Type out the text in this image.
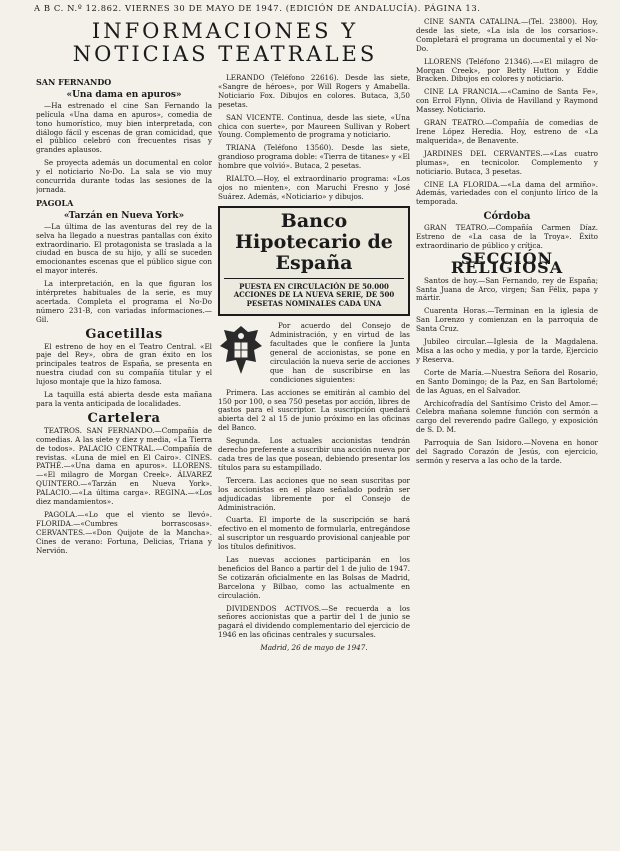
A B C. N.º 12.862. VIERNES 30 DE MAYO DE 1947. (EDICIÓN DE ANDALUCÍA). PÁGINA 13.
INFORMACIONES Y NOTICIAS TEATRALES
SAN FERNANDO
«Una dama en apuros»

—Ha estrenado el cine San Fernando la película «Una dama en apuros», comedia de tono humorístico, muy bien interpretada, con diálogo fácil y escenas de gran comicidad, que el público celebró con frecuentes risas y grandes aplausos.

Se proyecta además un documental en color y el noticiario No-Do. La sala se vio muy concurrida durante todas las sesiones de la jornada.

PAGOLA
«Tarzán en Nueva York»

—La última de las aventuras del rey de la selva ha llegado a nuestras pantallas con éxito extraordinario. El protagonista se traslada a la ciudad en busca de su hijo, y allí se suceden emocionantes escenas que el público sigue con el mayor interés.

La interpretación, en la que figuran los intérpretes habituales de la serie, es muy acertada. Completa el programa el No-Do número 231-B, con variadas informaciones.—Gil.

Gacetillas

El estreno de hoy en el Teatro Central. «El paje del Rey», obra de gran éxito en los principales teatros de España, se presenta en nuestra ciudad con su compañía titular y el lujoso montaje que la hizo famosa.

La taquilla está abierta desde esta mañana para la venta anticipada de localidades.

Cartelera

TEATROS. SAN FERNANDO.—Compañía de comedias. A las siete y diez y media, «La Tierra de todos». PALACIO CENTRAL.—Compañía de revistas. «Luna de miel en El Cairo». CINES. PATHÉ.—«Una dama en apuros». LLORENS.—«El milagro de Morgan Creek». ÁLVAREZ QUINTERO.—«Tarzán en Nueva York». PALACIO.—«La última carga». REGINA.—«Los diez mandamientos».

PAGOLA.—«Lo que el viento se llevó». FLORIDA.—«Cumbres borrascosas». CERVANTES.—«Don Quijote de la Mancha». Cines de verano: Fortuna, Delicias, Triana y Nervión.

LERANDO (Teléfono 22616). Desde las siete, «Sangre de héroes», por Will Rogers y Amabella. Noticiario Fox. Dibujos en colores. Butaca, 3,50 pesetas.

SAN VICENTE. Continua, desde las siete, «Una chica con suerte», por Maureen Sullivan y Robert Young. Complemento de programa y noticiario.

TRIANA (Teléfono 13560). Desde las siete, grandioso programa doble: «Tierra de titanes» y «El hombre que volvió». Butaca, 2 pesetas.

RIALTO.—Hoy, el extraordinario programa: «Los ojos no mienten», con Maruchi Fresno y José Suárez. Además, «Noticiario» y dibujos.

Banco Hipotecario de España
PUESTA EN CIRCULACIÓN DE 50.000 ACCIONES DE LA NUEVA SERIE, DE 500 PESETAS NOMINALES CADA UNA

Por acuerdo del Consejo de Administración, y en virtud de las facultades que le confiere la Junta general de accionistas, se pone en circulación la nueva serie de acciones que han de suscribirse en las condiciones siguientes:

Primera. Las acciones se emitirán al cambio del 150 por 100, o sea 750 pesetas por acción, libres de gastos para el suscriptor. La suscripción quedará abierta del 2 al 15 de junio próximo en las oficinas del Banco.

Segunda. Los actuales accionistas tendrán derecho preferente a suscribir una acción nueva por cada tres de las que posean, debiendo presentar los títulos para su estampillado.

Tercera. Las acciones que no sean suscritas por los accionistas en el plazo señalado podrán ser adjudicadas libremente por el Consejo de Administración.

Cuarta. El importe de la suscripción se hará efectivo en el momento de formularla, entregándose al suscriptor un resguardo provisional canjeable por los títulos definitivos.

Las nuevas acciones participarán en los beneficios del Banco a partir del 1 de julio de 1947. Se cotizarán oficialmente en las Bolsas de Madrid, Barcelona y Bilbao, como las actualmente en circulación.

DIVIDENDOS ACTIVOS.—Se recuerda a los señores accionistas que a partir del 1 de junio se pagará el dividendo complementario del ejercicio de 1946 en las oficinas centrales y sucursales.

Madrid, 26 de mayo de 1947.

CINE SANTA CATALINA.—(Tel. 23800). Hoy, desde las siete, «La isla de los corsarios». Completará el programa un documental y el No-Do.

LLORENS (Teléfono 21346).—«El milagro de Morgan Creek», por Betty Hutton y Eddie Bracken. Dibujos en colores y noticiario.

CINE LA FRANCIA.—«Camino de Santa Fe», con Errol Flynn, Olivia de Havilland y Raymond Massey. Noticiario.

GRAN TEATRO.—Compañía de comedias de Irene López Heredia. Hoy, estreno de «La malquerida», de Benavente.

JARDINES DEL CERVANTES.—«Las cuatro plumas», en tecnicolor. Complemento y noticiario. Butaca, 3 pesetas.

CINE LA FLORIDA.—«La dama del armiño». Además, variedades con el conjunto lírico de la temporada.

Córdoba

GRAN TEATRO.—Compañía Carmen Díaz. Estreno de «La casa de la Troya». Éxito extraordinario de público y crítica.

SECCIÓN RELIGIOSA

Santos de hoy.—San Fernando, rey de España; Santa Juana de Arco, virgen; San Félix, papa y mártir.

Cuarenta Horas.—Terminan en la iglesia de San Lorenzo y comienzan en la parroquia de Santa Cruz.

Jubileo circular.—Iglesia de la Magdalena. Misa a las ocho y media, y por la tarde, Ejercicio y Reserva.

Corte de María.—Nuestra Señora del Rosario, en Santo Domingo; de la Paz, en San Bartolomé; de las Aguas, en el Salvador.

Archicofradía del Santísimo Cristo del Amor.—Celebra mañana solemne función con sermón a cargo del reverendo padre Gallego, y exposición de S. D. M.

Parroquia de San Isidoro.—Novena en honor del Sagrado Corazón de Jesús, con ejercicio, sermón y reserva a las ocho de la tarde.
